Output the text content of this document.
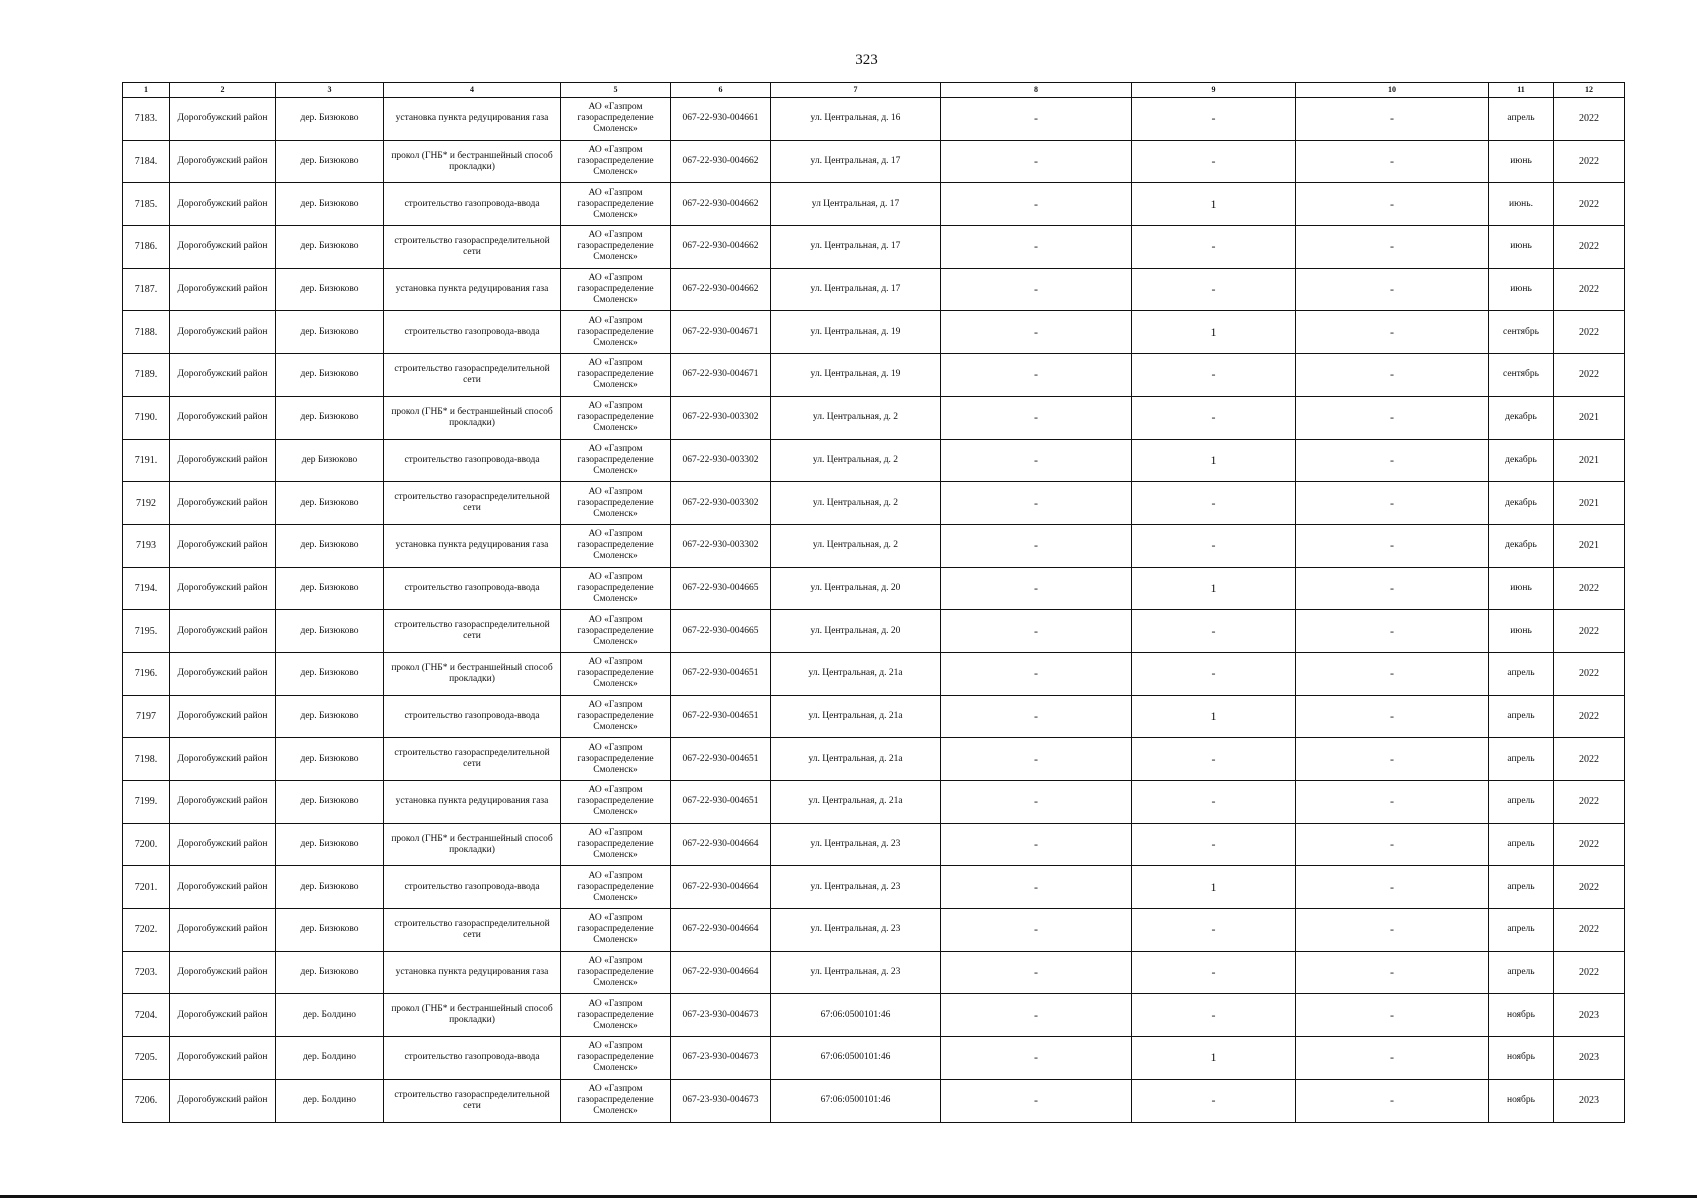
323
1	2	3	4	5	6	7	8	9	10	11	12
7183.	Дорогобужский район	дер. Бизюково	установка пункта редуцирования газа	АО «Газпром газораспределение Смоленск»	067-22-930-004661	ул. Центральная, д. 16	-	-	-	апрель	2022
7184.	Дорогобужский район	дер. Бизюково	прокол (ГНБ* и бестраншейный способ прокладки)	АО «Газпром газораспределение Смоленск»	067-22-930-004662	ул. Центральная, д. 17	-	-	-	июнь	2022
7185.	Дорогобужский район	дер. Бизюково	строительство газопровода-ввода	АО «Газпром газораспределение Смоленск»	067-22-930-004662	ул Центральная, д. 17	-	1	-	июнь.	2022
7186.	Дорогобужский район	дер. Бизюково	строительство газораспределительной сети	АО «Газпром газораспределение Смоленск»	067-22-930-004662	ул. Центральная, д. 17	-	-	-	июнь	2022
7187.	Дорогобужский район	дер. Бизюково	установка пункта редуцирования газа	АО «Газпром газораспределение Смоленск»	067-22-930-004662	ул. Центральная, д. 17	-	-	-	июнь	2022
7188.	Дорогобужский район	дер. Бизюково	строительство газопровода-ввода	АО «Газпром газораспределение Смоленск»	067-22-930-004671	ул. Центральная, д. 19	-	1	-	сентябрь	2022
7189.	Дорогобужский район	дер. Бизюково	строительство газораспределительной сети	АО «Газпром газораспределение Смоленск»	067-22-930-004671	ул. Центральная, д. 19	-	-	-	сентябрь	2022
7190.	Дорогобужский район	дер. Бизюково	прокол (ГНБ* и бестраншейный способ прокладки)	АО «Газпром газораспределение Смоленск»	067-22-930-003302	ул. Центральная, д. 2	-	-	-	декабрь	2021
7191.	Дорогобужский район	дер Бизюково	строительство газопровода-ввода	АО «Газпром газораспределение Смоленск»	067-22-930-003302	ул. Центральная, д. 2	-	1	-	декабрь	2021
7192	Дорогобужский район	дер. Бизюково	строительство газораспределительной сети	АО «Газпром газораспределение Смоленск»	067-22-930-003302	ул. Центральная, д. 2	-	-	-	декабрь	2021
7193	Дорогобужский район	дер. Бизюково	установка пункта редуцирования газа	АО «Газпром газораспределение Смоленск»	067-22-930-003302	ул. Центральная, д. 2	-	-	-	декабрь	2021
7194.	Дорогобужский район	дер. Бизюково	строительство газопровода-ввода	АО «Газпром газораспределение Смоленск»	067-22-930-004665	ул. Центральная, д. 20	-	1	-	июнь	2022
7195.	Дорогобужский район	дер. Бизюково	строительство газораспределительной сети	АО «Газпром газораспределение Смоленск»	067-22-930-004665	ул. Центральная, д. 20	-	-	-	июнь	2022
7196.	Дорогобужский район	дер. Бизюково	прокол (ГНБ* и бестраншейный способ прокладки)	АО «Газпром газораспределение Смоленск»	067-22-930-004651	ул. Центральная, д. 21а	-	-	-	апрель	2022
7197	Дорогобужский район	дер. Бизюково	строительство газопровода-ввода	АО «Газпром газораспределение Смоленск»	067-22-930-004651	ул. Центральная, д. 21а	-	1	-	апрель	2022
7198.	Дорогобужский район	дер. Бизюково	строительство газораспределительной сети	АО «Газпром газораспределение Смоленск»	067-22-930-004651	ул. Центральная, д. 21а	-	-	-	апрель	2022
7199.	Дорогобужский район	дер. Бизюково	установка пункта редуцирования газа	АО «Газпром газораспределение Смоленск»	067-22-930-004651	ул. Центральная, д. 21а	-	-	-	апрель	2022
7200.	Дорогобужский район	дер. Бизюково	прокол (ГНБ* и бестраншейный способ прокладки)	АО «Газпром газораспределение Смоленск»	067-22-930-004664	ул. Центральная, д. 23	-	-	-	апрель	2022
7201.	Дорогобужский район	дер. Бизюково	строительство газопровода-ввода	АО «Газпром газораспределение Смоленск»	067-22-930-004664	ул. Центральная, д. 23	-	1	-	апрель	2022
7202.	Дорогобужский район	дер. Бизюково	строительство газораспределительной сети	АО «Газпром газораспределение Смоленск»	067-22-930-004664	ул. Центральная, д. 23	-	-	-	апрель	2022
7203.	Дорогобужский район	дер. Бизюково	установка пункта редуцирования газа	АО «Газпром газораспределение Смоленск»	067-22-930-004664	ул. Центральная, д. 23	-	-	-	апрель	2022
7204.	Дорогобужский район	дер. Болдино	прокол (ГНБ* и бестраншейный способ прокладки)	АО «Газпром газораспределение Смоленск»	067-23-930-004673	67:06:0500101:46	-	-	-	ноябрь	2023
7205.	Дорогобужский район	дер. Болдино	строительство газопровода-ввода	АО «Газпром газораспределение Смоленск»	067-23-930-004673	67:06:0500101:46	-	1	-	ноябрь	2023
7206.	Дорогобужский район	дер. Болдино	строительство газораспределительной сети	АО «Газпром газораспределение Смоленск»	067-23-930-004673	67:06:0500101:46	-	-	-	ноябрь	2023
